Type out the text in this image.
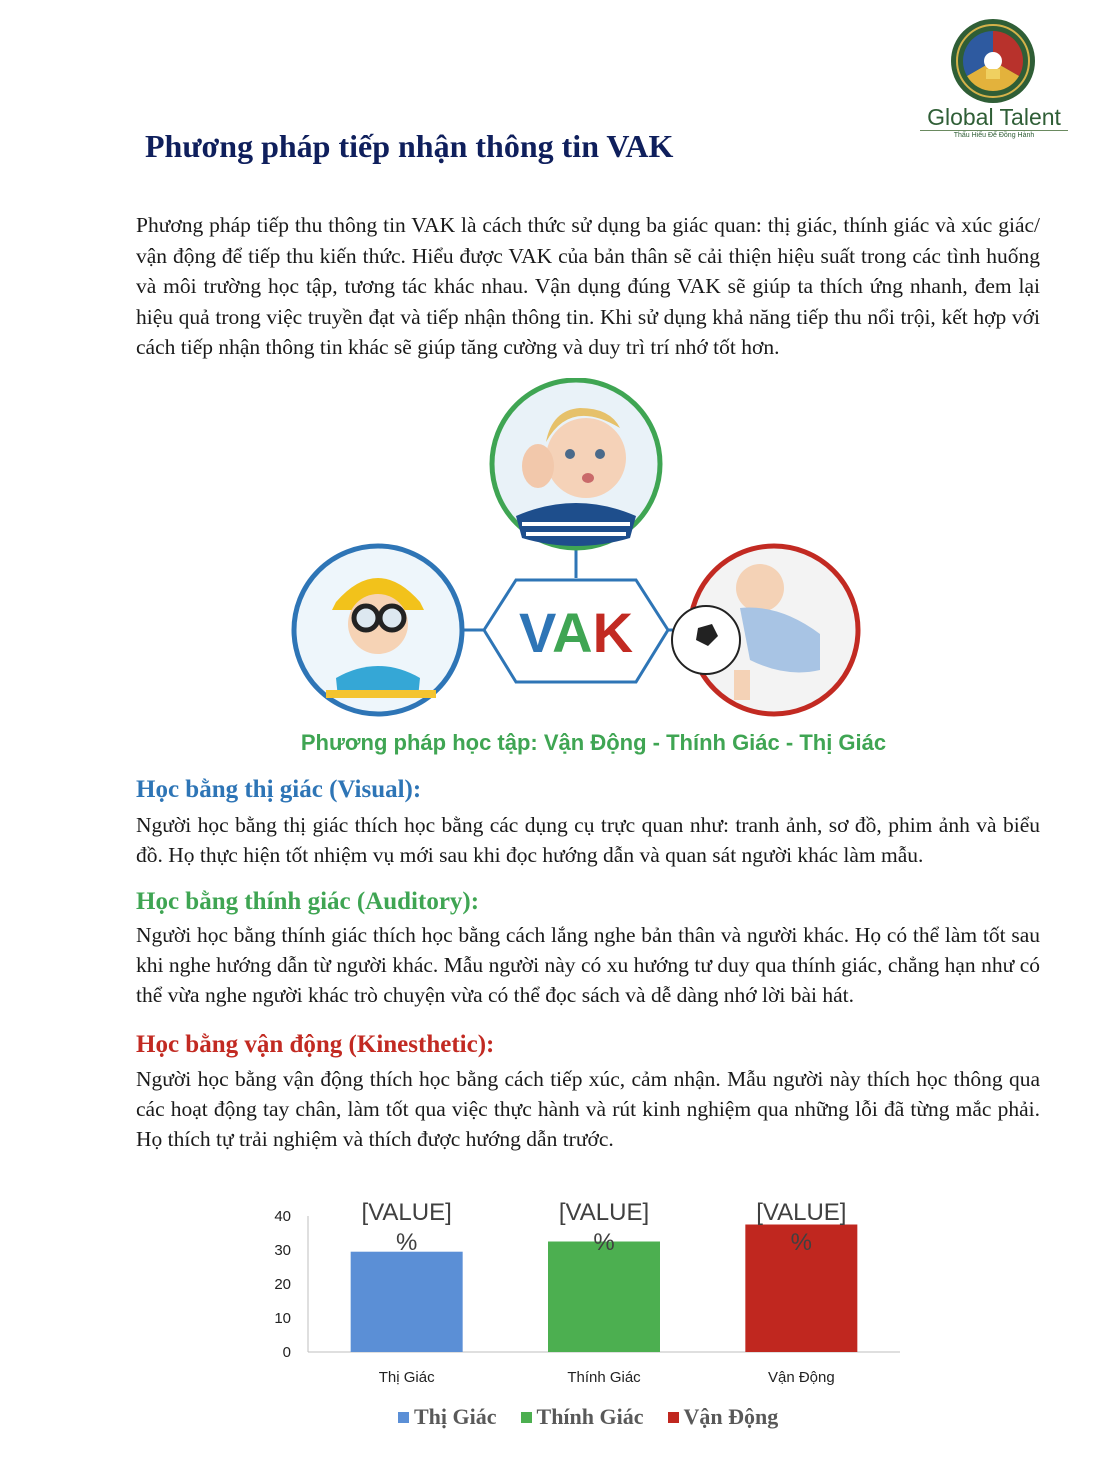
Global Talent
Thấu Hiểu Để Đồng Hành
Phương pháp tiếp nhận thông tin VAK

Phương pháp tiếp thu thông tin VAK là cách thức sử dụng ba giác quan: thị giác, thính giác và xúc giác/ vận động để tiếp thu kiến thức. Hiểu được VAK của bản thân sẽ cải thiện hiệu suất trong các tình huống và môi trường học tập, tương tác khác nhau. Vận dụng đúng VAK sẽ giúp ta thích ứng nhanh, đem lại hiệu quả trong việc truyền đạt và tiếp nhận thông tin. Khi sử dụng khả năng tiếp thu nổi trội, kết hợp với cách tiếp nhận thông tin khác sẽ giúp tăng cường và duy trì trí nhớ tốt hơn.

VAK
Phương pháp học tập: Vận Động - Thính Giác - Thị Giác
Học bằng thị giác (Visual):

Người học bằng thị giác thích học bằng các dụng cụ trực quan như: tranh ảnh, sơ đồ, phim ảnh và biểu đồ. Họ thực hiện tốt nhiệm vụ mới sau khi đọc hướng dẫn và quan sát người khác làm mẫu.

Học bằng thính giác (Auditory):

Người học bằng thính giác thích học bằng cách lắng nghe bản thân và người khác. Họ có thể làm tốt sau khi nghe hướng dẫn từ người khác. Mẫu người này có xu hướng tư duy qua thính giác, chẳng hạn như có thể vừa nghe người khác trò chuyện vừa có thể đọc sách và dễ dàng nhớ lời bài hát.

Học bằng vận động (Kinesthetic):

Người học bằng vận động thích học bằng cách tiếp xúc, cảm nhận. Mẫu người này thích học thông qua các hoạt động tay chân, làm tốt qua việc thực hành và rút kinh nghiệm qua những lỗi đã từng mắc phải. Họ thích tự trải nghiệm và thích được hướng dẫn trước.

0
10
20
30
40	[VALUE] %
Thị Giác
[VALUE] %
Thính Giác
[VALUE] %
Vận Động
Thị Giác Thính Giác Vận Động
